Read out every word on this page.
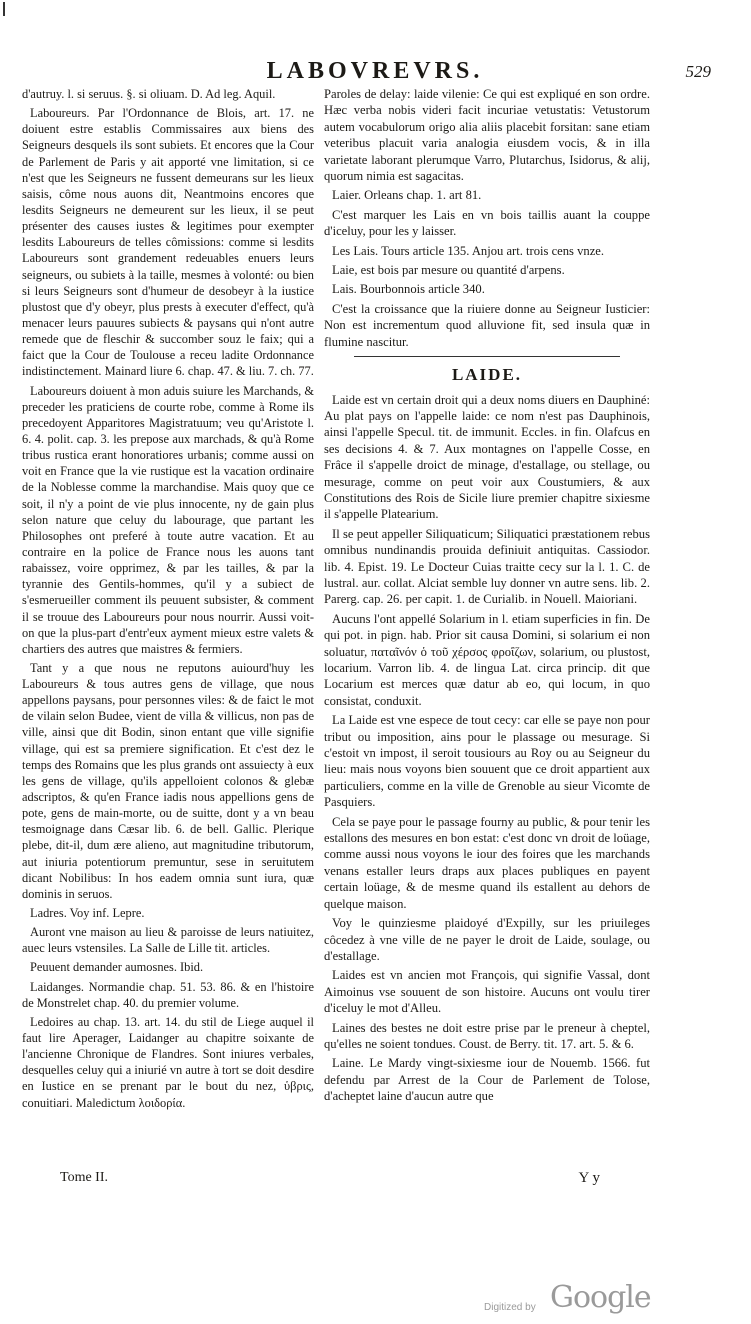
LABOVREVRS.	529

d'autruy. l. si seruus. §. si oliuam. D. Ad leg. Aquil.

Laboureurs. Par l'Ordonnance de Blois, art. 17. ne doiuent estre establis Commissaires aux biens des Seigneurs desquels ils sont subiets. Et encores que la Cour de Parlement de Paris y ait apporté vne limitation, si ce n'est que les Seigneurs ne fussent demeurans sur les lieux saisis, côme nous auons dit, Neantmoins encores que lesdits Seigneurs ne demeurent sur les lieux, il se peut présenter des causes iustes & legitimes pour exempter lesdits Laboureurs de telles cômissions: comme si lesdits Laboureurs sont grandement redeuables enuers leurs seigneurs, ou subiets à la taille, mesmes à volonté: ou bien si leurs Seigneurs sont d'humeur de desobeyr à la iustice plustost que d'y obeyr, plus prests à executer d'effect, qu'à menacer leurs pauures subiects & paysans qui n'ont autre remede que de fleschir & succomber souz le faix; qui a faict que la Cour de Toulouse a receu ladite Ordonnance indistinctement. Mainard liure 6. chap. 47. & liu. 7. ch. 77.

Laboureurs doiuent à mon aduis suiure les Marchands, & preceder les praticiens de courte robe, comme à Rome ils precedoyent Apparitores Magistratuum; veu qu'Aristote l. 6. 4. polit. cap. 3. les prepose aux marchads, & qu'à Rome tribus rustica erant honoratiores urbanis; comme aussi on voit en France que la vie rustique est la vacation ordinaire de la Noblesse comme la marchandise. Mais quoy que ce soit, il n'y a point de vie plus innocente, ny de gain plus selon nature que celuy du labourage, que partant les Philosophes ont preferé à toute autre vacation. Et au contraire en la police de France nous les auons tant rabaissez, voire opprimez, & par les tailles, & par la tyrannie des Gentils-hommes, qu'il y a subiect de s'esmerueiller comment ils peuuent subsister, & comment il se trouue des Laboureurs pour nous nourrir. Aussi voit-on que la plus-part d'entr'eux ayment mieux estre valets & chartiers des autres que maistres & fermiers.

Tant y a que nous ne reputons auiourd'huy les Laboureurs & tous autres gens de village, que nous appellons paysans, pour personnes viles: & de faict le mot de vilain selon Budee, vient de villa & villicus, non pas de ville, ainsi que dit Bodin, sinon entant que ville signifie village, qui est sa premiere signification. Et c'est dez le temps des Romains que les plus grands ont assuiecty à eux les gens de village, qu'ils appelloient colonos & glebæ adscriptos, & qu'en France iadis nous appellions gens de pote, gens de main-morte, ou de suitte, dont y a vn beau tesmoignage dans Cæsar lib. 6. de bell. Gallic. Plerique plebe, dit-il, dum ære alieno, aut magnitudine tributorum, aut iniuria potentiorum premuntur, sese in seruitutem dicant Nobilibus: In hos eadem omnia sunt iura, quæ dominis in seruos.

Ladres. Voy inf. Lepre.

Auront vne maison au lieu & paroisse de leurs natiuitez, auec leurs vstensiles. La Salle de Lille tit. articles.

Peuuent demander aumosnes. Ibid.

Laidanges. Normandie chap. 51. 53. 86. & en l'histoire de Monstrelet chap. 40. du premier volume.

Ledoires au chap. 13. art. 14. du stil de Liege auquel il faut lire Aperager, Laidanger au chapitre soixante de l'ancienne Chronique de Flandres. Sont iniures verbales, desquelles celuy qui a iniurié vn autre à tort se doit desdire en Iustice en se prenant par le bout du nez, ὑβρις, conuitiari. Maledictum λοιδορία.

Paroles de delay: laide vilenie: Ce qui est expliqué en son ordre. Hæc verba nobis videri facit incuriae vetustatis: Vetustorum autem vocabulorum origo alia aliis placebit forsitan: sane etiam veteribus placuit varia analogia eiusdem vocis, & in illa varietate laborant plerumque Varro, Plutarchus, Isidorus, & alij, quorum nimia est sagacitas.

Laier. Orleans chap. 1. art 81.

C'est marquer les Lais en vn bois taillis auant la couppe d'iceluy, pour les y laisser.

Les Lais. Tours article 135. Anjou art. trois cens vnze.

Laie, est bois par mesure ou quantité d'arpens.

Lais. Bourbonnois article 340.

C'est la croissance que la riuiere donne au Seigneur Iusticier: Non est incrementum quod alluvione fit, sed insula quæ in flumine nascitur.

LAIDE.

Laide est vn certain droit qui a deux noms diuers en Dauphiné: Au plat pays on l'appelle laide: ce nom n'est pas Dauphinois, ainsi l'appelle Specul. tit. de immunit. Eccles. in fin. Olafcus en ses decisions 4. & 7. Aux montagnes on l'appelle Cosse, en Frâce il s'appelle droict de minage, d'estallage, ou stellage, ou mesurage, comme on peut voir aux Coustumiers, & aux Constitutions des Rois de Sicile liure premier chapitre sixiesme il s'appelle Platearium.

Il se peut appeller Siliquaticum; Siliquatici præstationem rebus omnibus nundinandis prouida definiuit antiquitas. Cassiodor. lib. 4. Epist. 19. Le Docteur Cuias traitte cecy sur la l. 1. C. de lustral. aur. collat. Alciat semble luy donner vn autre sens. lib. 2. Parerg. cap. 26. per capit. 1. de Curialib. in Nouell. Maioriani.

Aucuns l'ont appellé Solarium in l. etiam superficies in fin. De qui pot. in pign. hab. Prior sit causa Domini, si solarium ei non soluatur, παταῖνόν ὁ τοῦ χέρσος φροΐζων, solarium, ou plustost, locarium. Varron lib. 4. de lingua Lat. circa princip. dit que Locarium est merces quæ datur ab eo, qui locum, in quo consistat, conduxit.

La Laide est vne espece de tout cecy: car elle se paye non pour tribut ou imposition, ains pour le plassage ou mesurage. Si c'estoit vn impost, il seroit tousiours au Roy ou au Seigneur du lieu: mais nous voyons bien souuent que ce droit appartient aux particuliers, comme en la ville de Grenoble au sieur Vicomte de Pasquiers.

Cela se paye pour le passage fourny au public, & pour tenir les estallons des mesures en bon estat: c'est donc vn droit de loüage, comme aussi nous voyons le iour des foires que les marchands venans estaller leurs draps aux places publiques en payent certain loüage, & de mesme quand ils estallent au dehors de quelque maison.

Voy le quinziesme plaidoyé d'Expilly, sur les priuileges côcedez à vne ville de ne payer le droit de Laide, soulage, ou d'estallage.

Laides est vn ancien mot François, qui signifie Vassal, dont Aimoinus vse souuent de son histoire. Aucuns ont voulu tirer d'iceluy le mot d'Alleu.

Laines des bestes ne doit estre prise par le preneur à cheptel, qu'elles ne soient tondues. Coust. de Berry. tit. 17. art. 5. & 6.

Laine. Le Mardy vingt-sixiesme iour de Nouemb. 1566. fut defendu par Arrest de la Cour de Parlement de Tolose, d'acheptet laine d'aucun autre que

Tome II.	Y y
Digitized by Google
